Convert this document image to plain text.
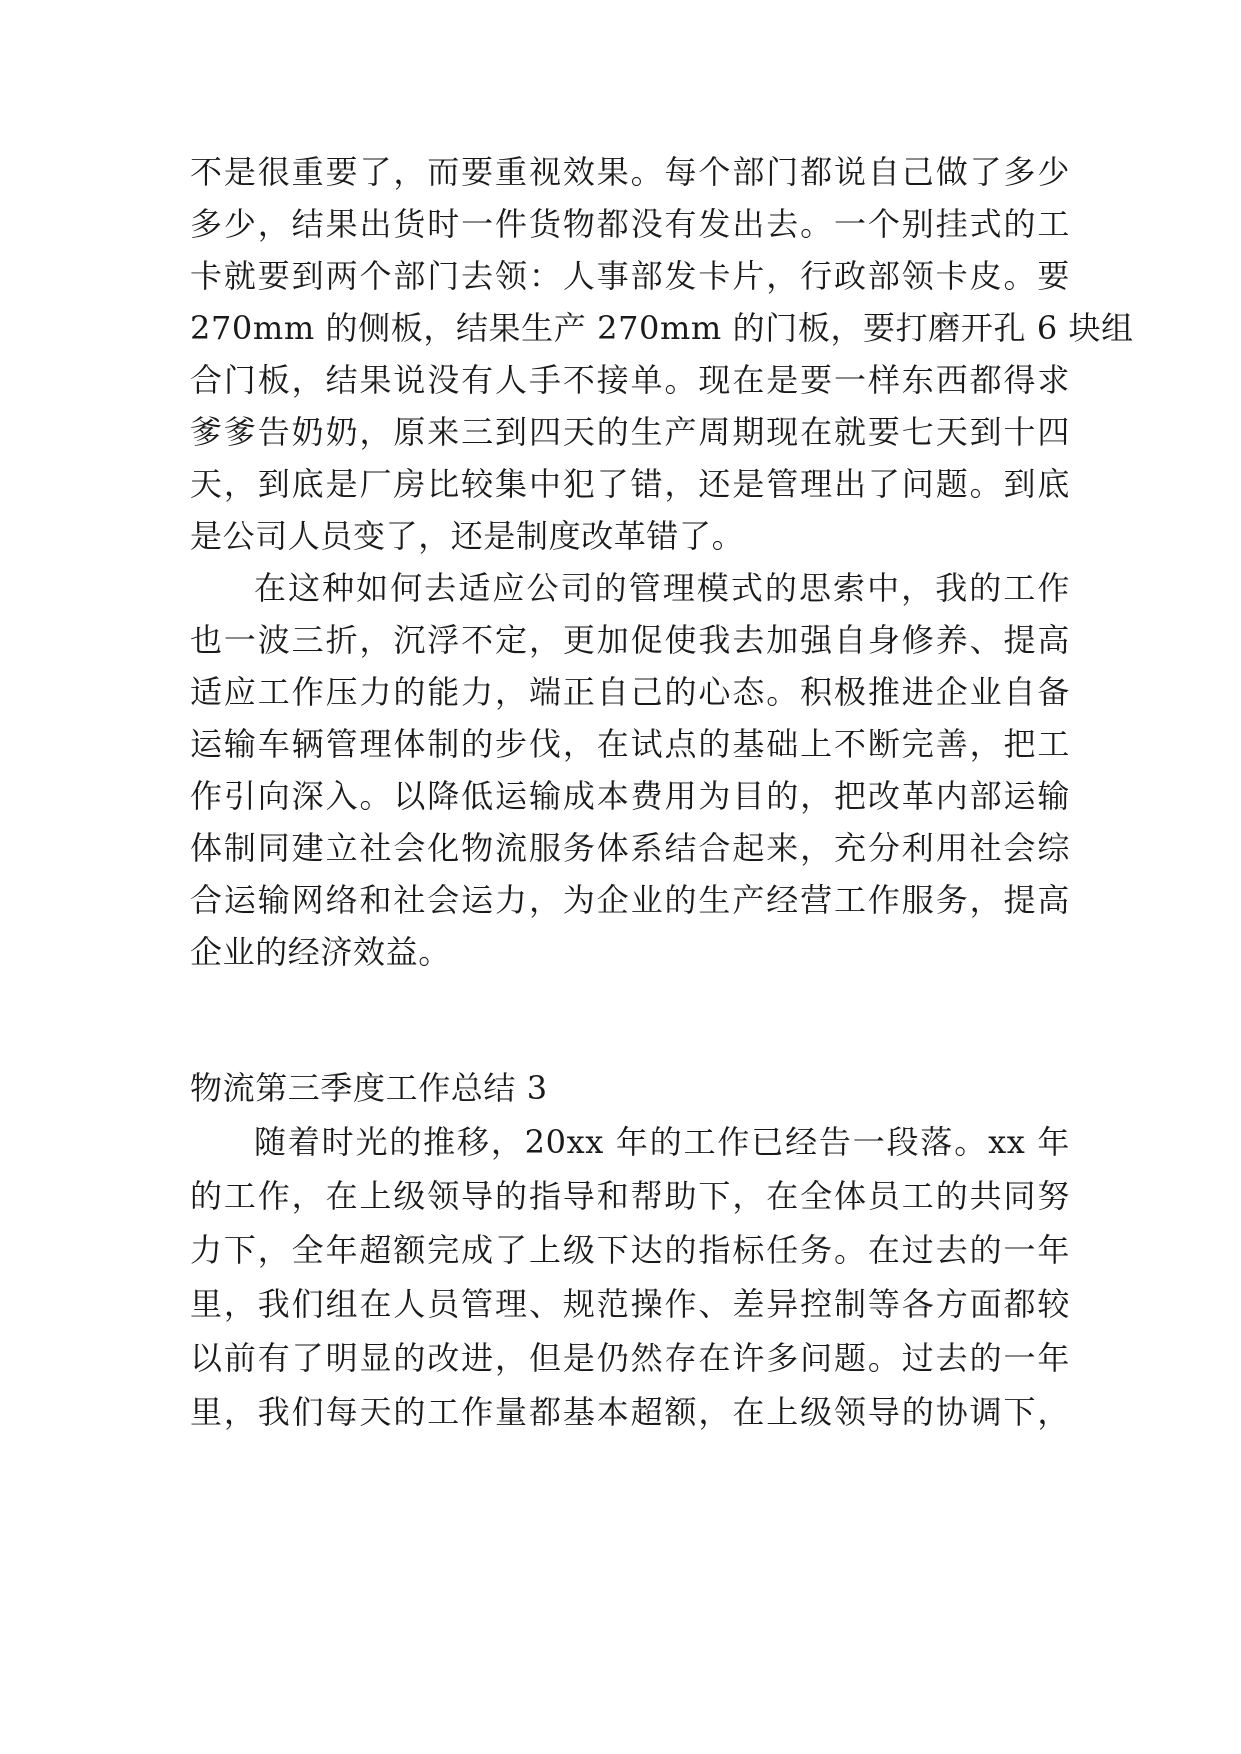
不是很重要了，而要重视效果。每个部门都说自己做了多少
多少，结果出货时一件货物都没有发出去。一个别挂式的工
卡就要到两个部门去领：人事部发卡片，行政部领卡皮。要
270mm 的侧板，结果生产 270mm 的门板，要打磨开孔 6 块组
合门板，结果说没有人手不接单。现在是要一样东西都得求
爹爹告奶奶，原来三到四天的生产周期现在就要七天到十四
天，到底是厂房比较集中犯了错，还是管理出了问题。到底
是公司人员变了，还是制度改革错了。
在这种如何去适应公司的管理模式的思索中，我的工作
也一波三折，沉浮不定，更加促使我去加强自身修养、提高
适应工作压力的能力，端正自己的心态。积极推进企业自备
运输车辆管理体制的步伐，在试点的基础上不断完善，把工
作引向深入。以降低运输成本费用为目的，把改革内部运输
体制同建立社会化物流服务体系结合起来，充分利用社会综
合运输网络和社会运力，为企业的生产经营工作服务，提高
企业的经济效益。
物流第三季度工作总结 3
随着时光的推移，20xx 年的工作已经告一段落。xx 年
的工作，在上级领导的指导和帮助下，在全体员工的共同努
力下，全年超额完成了上级下达的指标任务。在过去的一年
里，我们组在人员管理、规范操作、差异控制等各方面都较
以前有了明显的改进，但是仍然存在许多问题。过去的一年
里，我们每天的工作量都基本超额，在上级领导的协调下，
